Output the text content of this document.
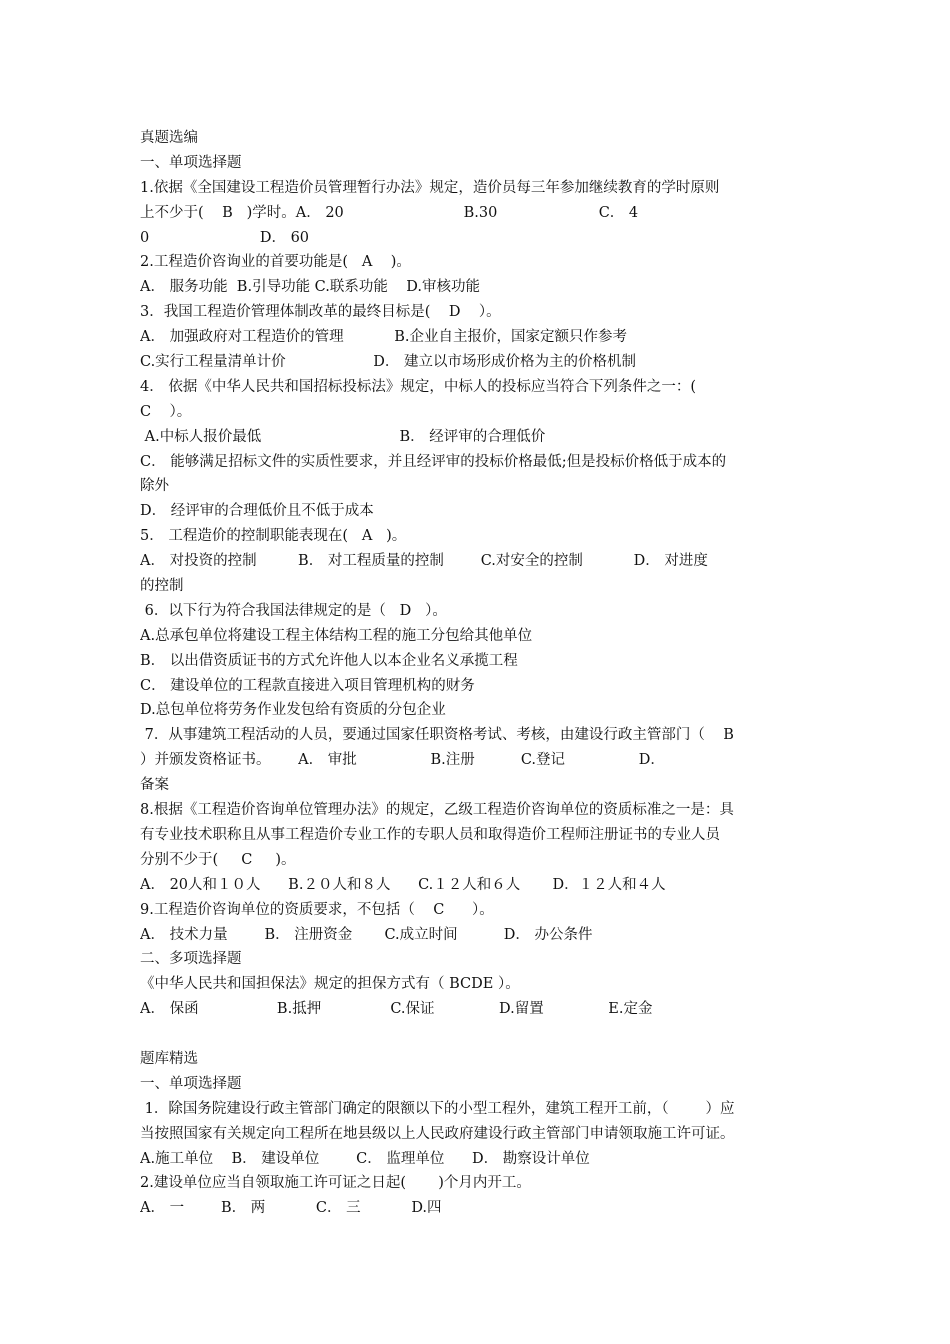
真题选编
一、单项选择题
1.依据《全国建设工程造价员管理暂行办法》规定，造价员每三年参加继续教育的学时原则
上不少于(    B   )学时。A． 20                          B.30                      C． 4
0                        D． 60
2.工程造价咨询业的首要功能是(   A    )。
A． 服务功能  B.引导功能 C.联系功能    D.审核功能
3．我国工程造价管理体制改革的最终目标是(    D    ）。
A． 加强政府对工程造价的管理           B.企业自主报价，国家定额只作参考
C.实行工程量清单计价                   D． 建立以市场形成价格为主的价格机制
4． 依据《中华人民共和国招标投标法》规定，中标人的投标应当符合下列条件之一：(
C    ）。
A.中标人报价最低                              B． 经评审的合理低价
C． 能够满足招标文件的实质性要求，并且经评审的投标价格最低;但是投标价格低于成本的
除外
D． 经评审的合理低价且不低于成本
5． 工程造价的控制职能表现在(   A   )。
A． 对投资的控制         B． 对工程质量的控制        C.对安全的控制           D． 对进度
的控制
6．以下行为符合我国法律规定的是（   D   ）。
A.总承包单位将建设工程主体结构工程的施工分包给其他单位
B． 以出借资质证书的方式允许他人以本企业名义承揽工程
C． 建设单位的工程款直接进入项目管理机构的财务
D.总包单位将劳务作业发包给有资质的分包企业
7．从事建筑工程活动的人员，要通过国家任职资格考试、考核，由建设行政主管部门（    B
）并颁发资格证书。      A． 审批                B.注册          C.登记                D．
备案
8.根据《工程造价咨询单位管理办法》的规定，乙级工程造价咨询单位的资质标准之一是：具
有专业技术职称且从事工程造价专业工作的专职人员和取得造价工程师注册证书的专业人员
分别不少于(     C     )。
A． 20人和１０人      B.２０人和８人      C.１２人和６人       D．１２人和４人
9.工程造价咨询单位的资质要求，不包括（    C      ）。
A． 技术力量        B． 注册资金       C.成立时间          D． 办公条件
二、多项选择题
《中华人民共和国担保法》规定的担保方式有（ BCDE ）。
A． 保函                 B.抵押               C.保证              D.留置              E.定金
题库精选
一、单项选择题
1．除国务院建设行政主管部门确定的限额以下的小型工程外，建筑工程开工前，（        ）应
当按照国家有关规定向工程所在地县级以上人民政府建设行政主管部门申请领取施工许可证。
A.施工单位    B． 建设单位        C． 监理单位      D． 勘察设计单位
2.建设单位应当自领取施工许可证之日起(       )个月内开工。
A． 一        B． 两           C． 三           D.四
